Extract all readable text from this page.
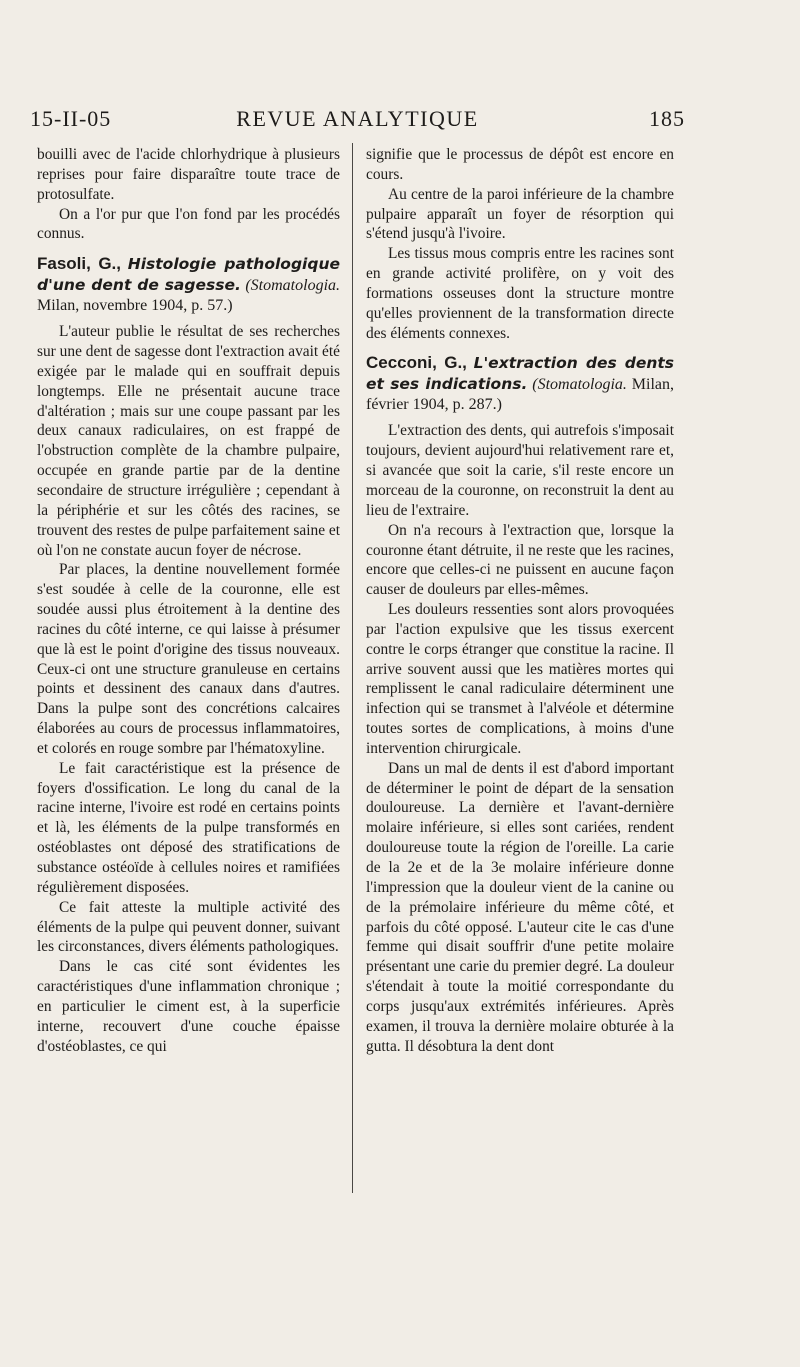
15-II-05	REVUE ANALYTIQUE	185

bouilli avec de l'acide chlorhydrique à plusieurs reprises pour faire disparaître toute trace de protosulfate.

On a l'or pur que l'on fond par les procédés connus.

Fasoli, G., Histologie pathologique d'une dent de sagesse. (Stomatologia. Milan, novembre 1904, p. 57.)

L'auteur publie le résultat de ses recherches sur une dent de sagesse dont l'extraction avait été exigée par le malade qui en souffrait depuis longtemps. Elle ne présentait aucune trace d'altération ; mais sur une coupe passant par les deux canaux radiculaires, on est frappé de l'obstruction complète de la chambre pulpaire, occupée en grande partie par de la dentine secondaire de structure irrégulière ; cependant à la périphérie et sur les côtés des racines, se trouvent des restes de pulpe parfaitement saine et où l'on ne constate aucun foyer de nécrose.

Par places, la dentine nouvellement formée s'est soudée à celle de la couronne, elle est soudée aussi plus étroitement à la dentine des racines du côté interne, ce qui laisse à présumer que là est le point d'origine des tissus nouveaux. Ceux-ci ont une structure granuleuse en certains points et dessinent des canaux dans d'autres. Dans la pulpe sont des concrétions calcaires élaborées au cours de processus inflammatoires, et colorés en rouge sombre par l'hématoxyline.

Le fait caractéristique est la présence de foyers d'ossification. Le long du canal de la racine interne, l'ivoire est rodé en certains points et là, les éléments de la pulpe transformés en ostéoblastes ont déposé des stratifications de substance ostéoïde à cellules noires et ramifiées régulièrement disposées.

Ce fait atteste la multiple activité des éléments de la pulpe qui peuvent donner, suivant les circonstances, divers éléments pathologiques.

Dans le cas cité sont évidentes les caractéristiques d'une inflammation chronique ; en particulier le ciment est, à la superficie interne, recouvert d'une couche épaisse d'ostéoblastes, ce qui

signifie que le processus de dépôt est encore en cours.

Au centre de la paroi inférieure de la chambre pulpaire apparaît un foyer de résorption qui s'étend jusqu'à l'ivoire.

Les tissus mous compris entre les racines sont en grande activité prolifère, on y voit des formations osseuses dont la structure montre qu'elles proviennent de la transformation directe des éléments connexes.

Cecconi, G., L'extraction des dents et ses indications. (Stomatologia. Milan, février 1904, p. 287.)

L'extraction des dents, qui autrefois s'imposait toujours, devient aujourd'hui relativement rare et, si avancée que soit la carie, s'il reste encore un morceau de la couronne, on reconstruit la dent au lieu de l'extraire.

On n'a recours à l'extraction que, lorsque la couronne étant détruite, il ne reste que les racines, encore que celles-ci ne puissent en aucune façon causer de douleurs par elles-mêmes.

Les douleurs ressenties sont alors provoquées par l'action expulsive que les tissus exercent contre le corps étranger que constitue la racine. Il arrive souvent aussi que les matières mortes qui remplissent le canal radiculaire déterminent une infection qui se transmet à l'alvéole et détermine toutes sortes de complications, à moins d'une intervention chirurgicale.

Dans un mal de dents il est d'abord important de déterminer le point de départ de la sensation douloureuse. La dernière et l'avant-dernière molaire inférieure, si elles sont cariées, rendent douloureuse toute la région de l'oreille. La carie de la 2e et de la 3e molaire inférieure donne l'impression que la douleur vient de la canine ou de la prémolaire inférieure du même côté, et parfois du côté opposé. L'auteur cite le cas d'une femme qui disait souffrir d'une petite molaire présentant une carie du premier degré. La douleur s'étendait à toute la moitié correspondante du corps jusqu'aux extrémités inférieures. Après examen, il trouva la dernière molaire obturée à la gutta. Il désobtura la dent dont
